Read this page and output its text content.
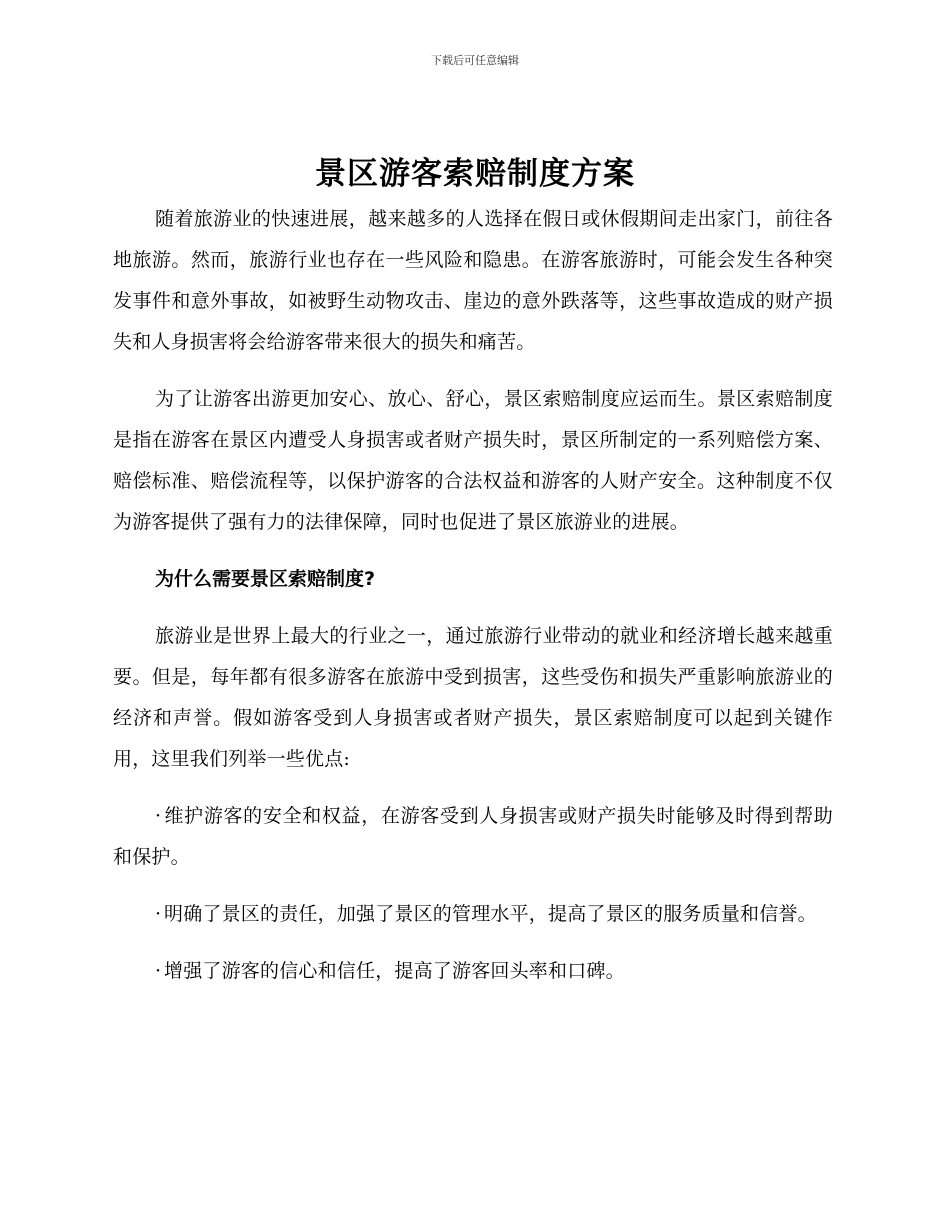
下载后可任意编辑
景区游客索赔制度方案

随着旅游业的快速进展，越来越多的人选择在假日或休假期间走出家门，前往各地旅游。然而，旅游行业也存在一些风险和隐患。在游客旅游时，可能会发生各种突发事件和意外事故，如被野生动物攻击、崖边的意外跌落等，这些事故造成的财产损失和人身损害将会给游客带来很大的损失和痛苦。

为了让游客出游更加安心、放心、舒心，景区索赔制度应运而生。景区索赔制度是指在游客在景区内遭受人身损害或者财产损失时，景区所制定的一系列赔偿方案、赔偿标准、赔偿流程等，以保护游客的合法权益和游客的人财产安全。这种制度不仅为游客提供了强有力的法律保障，同时也促进了景区旅游业的进展。

为什么需要景区索赔制度?

旅游业是世界上最大的行业之一，通过旅游行业带动的就业和经济增长越来越重要。但是，每年都有很多游客在旅游中受到损害，这些受伤和损失严重影响旅游业的经济和声誉。假如游客受到人身损害或者财产损失，景区索赔制度可以起到关键作用，这里我们列举一些优点:

· 维护游客的安全和权益，在游客受到人身损害或财产损失时能够及时得到帮助和保护。
· 明确了景区的责任，加强了景区的管理水平，提高了景区的服务质量和信誉。
· 增强了游客的信心和信任，提高了游客回头率和口碑。
